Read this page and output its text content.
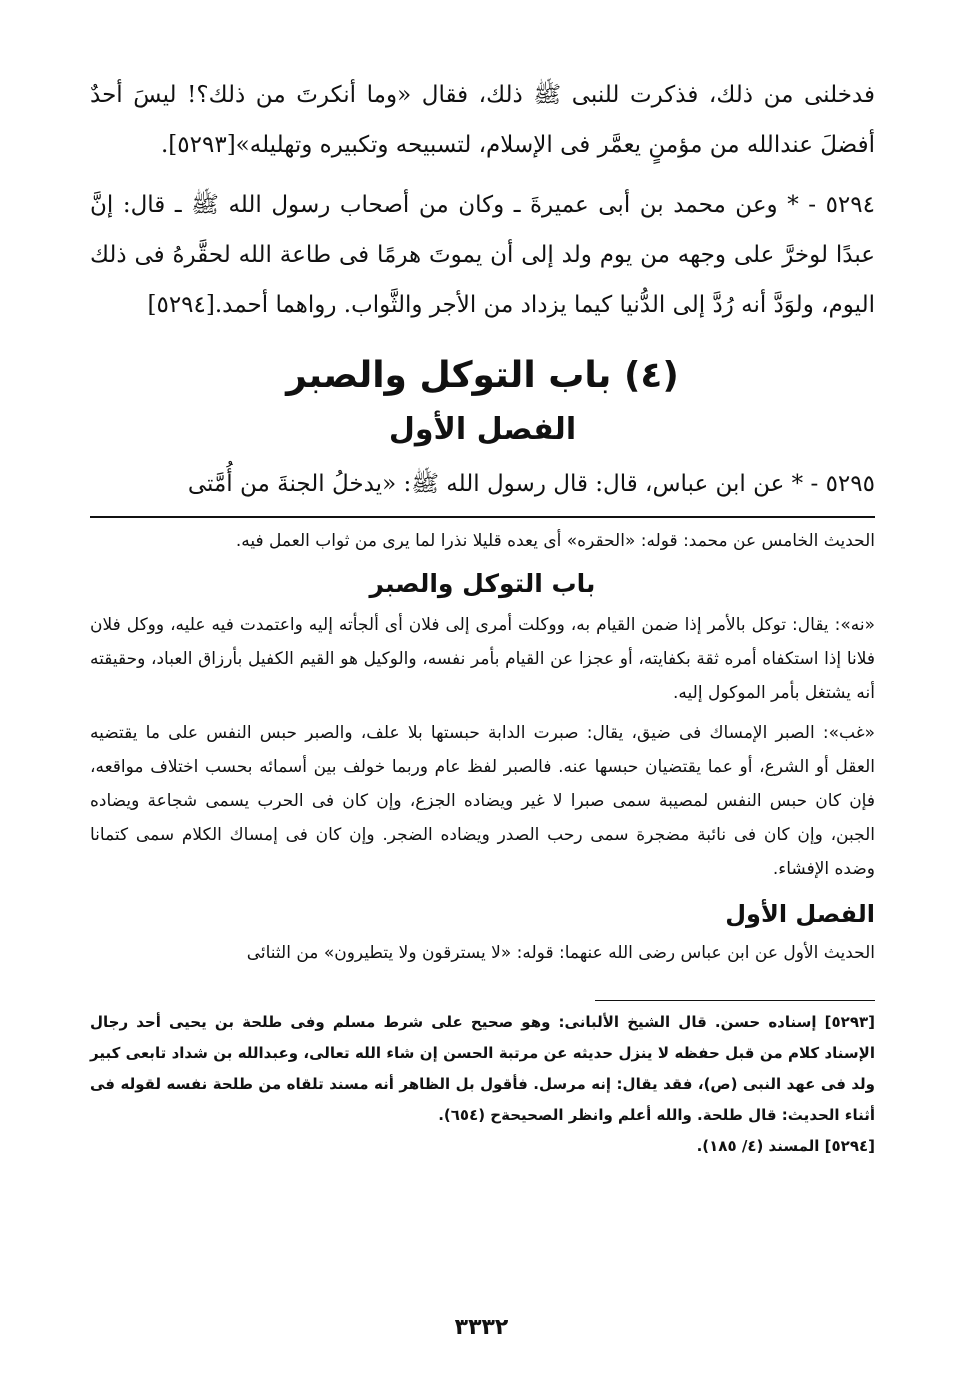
فدخلنى من ذلك، فذكرت للنبى ﷺ ذلك، فقال «وما أنكرتَ من ذلك؟! ليسَ أحدٌ أفضلَ عندالله من مؤمنٍ يعمَّر فى الإسلام، لتسبيحه وتكبيره وتهليله»[٥٢٩٣].

٥٢٩٤ - * وعن محمد بن أبى عميرةَ ـ وكان من أصحاب رسول الله ﷺ ـ قال: إنَّ عبدًا لوخرَّ على وجهه من يوم ولد إلى أن يموتَ هرمًا فى طاعة الله لحقَّرهُ فى ذلك اليوم، ولوَدَّ أنه رُدَّ إلى الدُّنيا كيما يزداد من الأجر والثَّواب. رواهما أحمد.[٥٢٩٤]

(٤) باب التوكل والصبر
الفصل الأول

٥٢٩٥ - * عن ابن عباس، قال: قال رسول الله ﷺ: «يدخلُ الجنةَ من أُمَّتى

الحديث الخامس عن محمد: قوله: «الحقره» أى يعده قليلا نذرا لما يرى من ثواب العمل فيه.

باب التوكل والصبر

«نه»: يقال: توكل بالأمر إذا ضمن القيام به، ووكلت أمرى إلى فلان أى ألجأته إليه واعتمدت فيه عليه، ووكل فلان فلانا إذا استكفاه أمره ثقة بكفايته، أو عجزا عن القيام بأمر نفسه، والوكيل هو القيم الكفيل بأرزاق العباد، وحقيقته أنه يشتغل بأمر الموكول إليه.

«غب»: الصبر الإمساك فى ضيق، يقال: صبرت الدابة حبستها بلا علف، والصبر حبس النفس على ما يقتضيه العقل أو الشرع، أو عما يقتضيان حبسها عنه. فالصبر لفظ عام وربما خولف بين أسمائه بحسب اختلاف مواقعه، فإن كان حبس النفس لمصيبة سمى صبرا لا غير ويضاده الجزع، وإن كان فى الحرب يسمى شجاعة ويضاده الجبن، وإن كان فى نائبة مضجرة سمى رحب الصدر ويضاده الضجر. وإن كان فى إمساك الكلام سمى كتمانا وضده الإفشاء.

الفصل الأول

الحديث الأول عن ابن عباس رضى الله عنهما: قوله: «لا يسترقون ولا يتطيرون» من الثنائى

[٥٢٩٣] إسناده حسن. قال الشيخ الألبانى: وهو صحيح على شرط مسلم وفى طلحة بن يحيى أحد رجال الإسناد كلام من قبل حفظه لا ينزل حديثه عن مرتبة الحسن إن شاء الله تعالى، وعبدالله بن شداد تابعى كبير ولد فى عهد النبى (ص)، فقد يقال: إنه مرسل. فأقول بل الظاهر أنه مسند تلقاه من طلحة نفسه لقوله فى أثناء الحديث: قال طلحة. والله أعلم وانظر الصحيحةح (٦٥٤).

[٥٢٩٤] المسند (٤/ ١٨٥).

٣٣٣٢
